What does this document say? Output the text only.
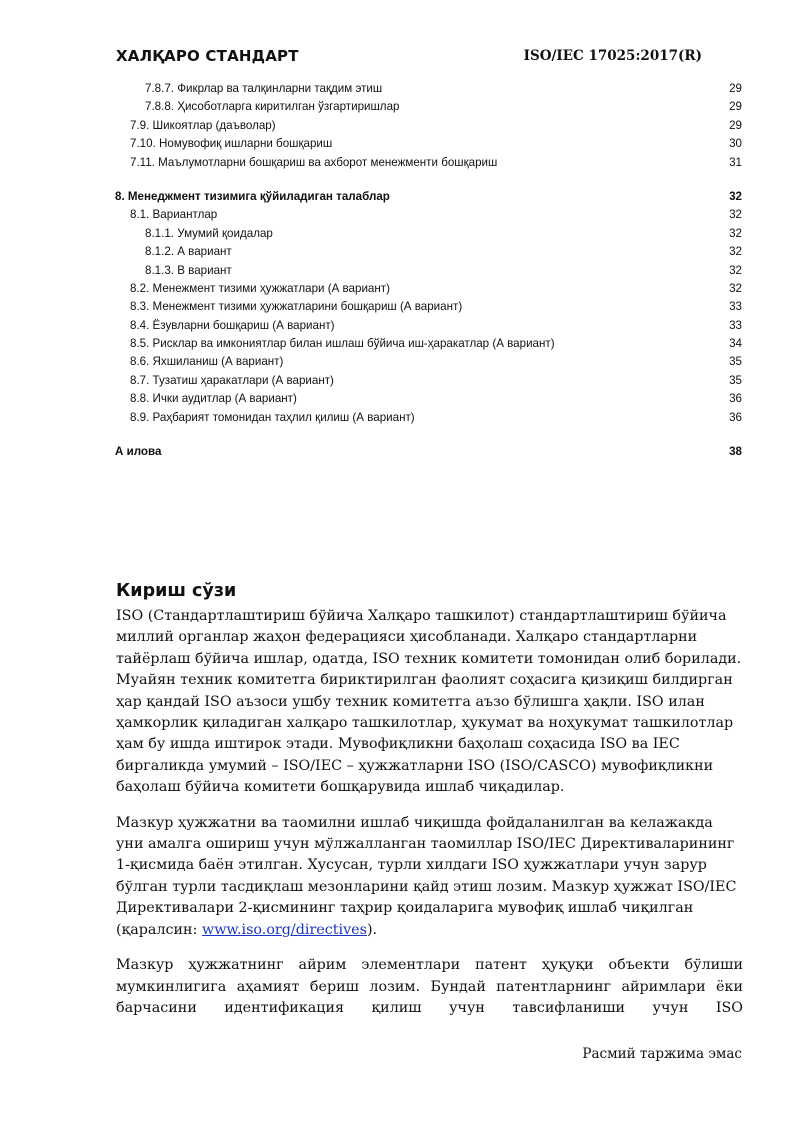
ХАЛҚАРО СТАНДАРТ	ISO/IEC 17025:2017(R)
7.8.7. Фикрлар ва талқинларни тақдим этиш	29
7.8.8. Ҳисоботларга киритилган ўзгартиришлар	29
7.9. Шикоятлар (даъволар)	29
7.10. Номувофиқ ишларни бошқариш	30
7.11. Маълумотларни бошқариш ва ахборот менежменти бошқариш	31
8. Менеджмент тизимига қўйиладиган талаблар	32
8.1. Вариантлар	32
8.1.1. Умумий қоидалар	32
8.1.2. А вариант	32
8.1.3. В вариант	32
8.2. Менежмент тизими ҳужжатлари (А вариант)	32
8.3. Менежмент тизими ҳужжатларини бошқариш (А вариант)	33
8.4. Ёзувларни бошқариш (А вариант)	33
8.5. Рисклар ва имкониятлар билан ишлаш бўйича иш-ҳаракатлар (А вариант)	34
8.6. Яхшиланиш (А вариант)	35
8.7. Тузатиш ҳаракатлари (А вариант)	35
8.8. Ички аудитлар (А вариант)	36
8.9. Раҳбарият томонидан таҳлил қилиш (А вариант)	36
А илова	38
Кириш сўзи

ISO (Стандартлаштириш бўйича Халқаро ташкилот) стандартлаштириш бўйича миллий органлар жаҳон федерацияси ҳисобланади. Халқаро стандартларни тайёрлаш бўйича ишлар, одатда, ISO техник комитети томонидан олиб борилади. Муайян техник комитетга бириктирилган фаолият соҳасига қизиқиш билдирган ҳар қандай ISO аъзоси ушбу техник комитетга аъзо бўлишга ҳақли. ISO илан ҳамкорлик қиладиган халқаро ташкилотлар, ҳукумат ва ноҳукумат ташкилотлар ҳам бу ишда иштирок этади. Мувофиқликни баҳолаш соҳасида ISO ва IEC биргаликда умумий – ISO/IEC – ҳужжатларни ISO (ISO/CASCO) мувофиқликни баҳолаш бўйича комитети бошқарувида ишлаб чиқадилар.

Мазкур ҳужжатни ва таомилни ишлаб чиқишда фойдаланилган ва келажакда уни амалга ошириш учун мўлжалланган таомиллар ISO/IEC Директиваларининг 1-қисмида баён этилган. Хусусан, турли хилдаги ISO ҳужжатлари учун зарур бўлган турли тасдиқлаш мезонларини қайд этиш лозим. Мазкур ҳужжат ISO/IEC Директивалари 2-қисмининг таҳрир қоидаларига мувофиқ ишлаб чиқилган (қаралсин: www.iso.org/directives).

Мазкур ҳужжатнинг айрим элементлари патент ҳуқуқи объекти бўлиши мумкинлигига аҳамият бериш лозим. Бундай патентларнинг айримлари ёки барчасини идентификация қилиш учун тавсифланиши учун ISO

Расмий таржима эмас
